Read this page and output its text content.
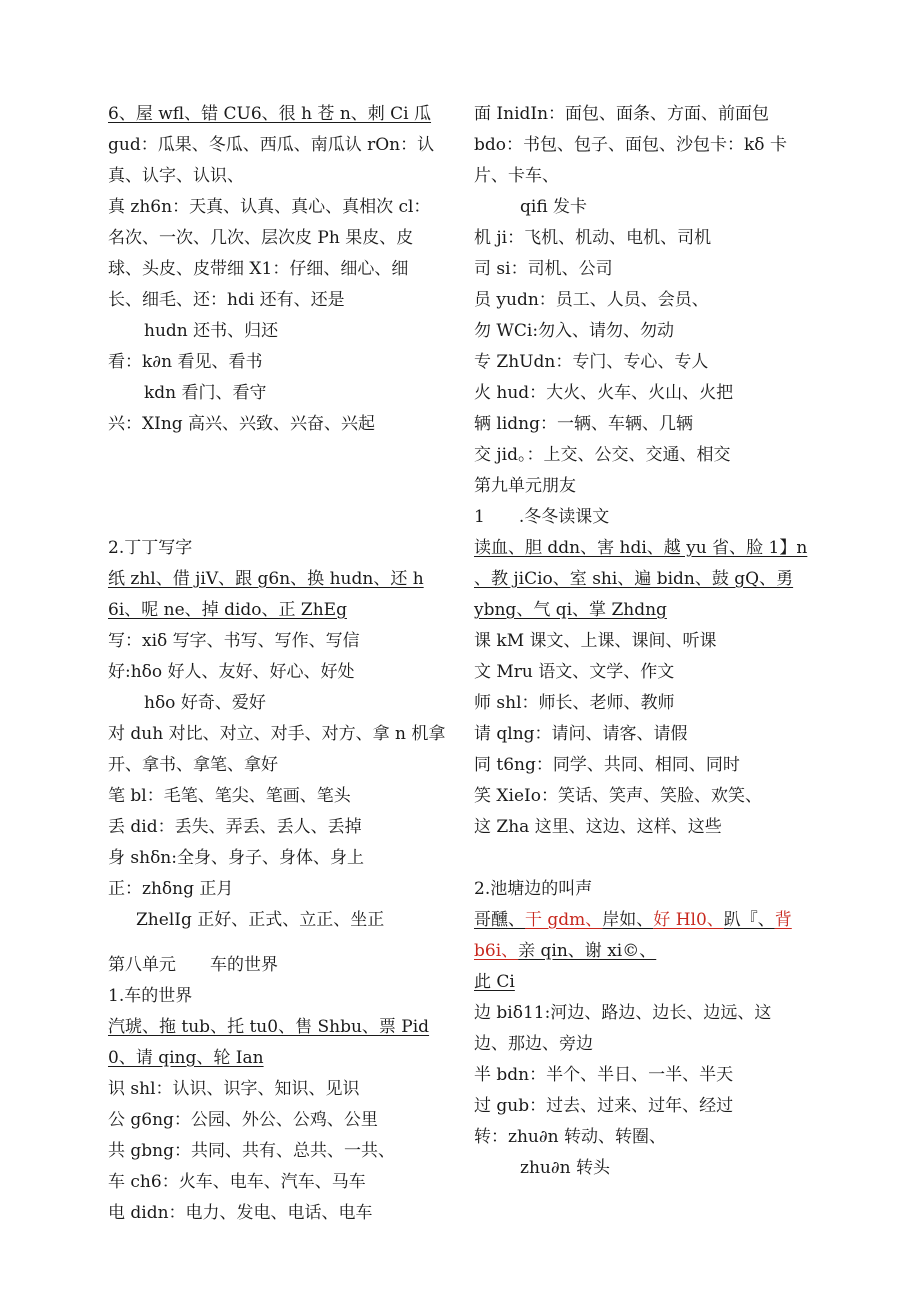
6、屋 wfl、错 CU6、很 h 苍 n、刺 Ci 瓜
gud：瓜果、冬瓜、西瓜、南瓜认 rOn：认
真、认字、认识、
真 zh6n：天真、认真、真心、真相次 cl：
名次、一次、几次、层次皮 Ph 果皮、皮
球、头皮、皮带细 X1：仔细、细心、细
长、细毛、还：hdi 还有、还是
hudn 还书、归还
看：k∂n 看见、看书
kdn 看门、看守
兴：XIng 高兴、兴致、兴奋、兴起
2.丁丁写字
纸 zhl、借 jiV、跟 g6n、换 hudn、还 h
6i、呢 ne、掉 dido、正 ZhEg
写：xiδ 写字、书写、写作、写信
好:hδo 好人、友好、好心、好处
hδo 好奇、爱好
对 duh 对比、对立、对手、对方、拿 n 机拿
开、拿书、拿笔、拿好
笔 bl：毛笔、笔尖、笔画、笔头
丢 did：丢失、弄丢、丢人、丢掉
身 shδn:全身、身子、身体、身上
正：zhδng 正月
ZhelIg 正好、正式、立正、坐正
第八单元　　车的世界
1.车的世界
汽琥、拖 tub、托 tu0、售 Shbu、票 Pid
0、请 qing、轮 Ian
识 shl：认识、识字、知识、见识
公 g6ng：公园、外公、公鸡、公里
共 gbng：共同、共有、总共、一共、
车 ch6：火车、电车、汽车、马车
电 didn：电力、发电、电话、电车
面 InidIn：面包、面条、方面、前面包
bdo：书包、包子、面包、沙包卡：kδ 卡
片、卡车、
qifi 发卡
机 ji：飞机、机动、电机、司机
司 si：司机、公司
员 yudn：员工、人员、会员、
勿 WCi:勿入、请勿、勿动
专 ZhUdn：专门、专心、专人
火 hud：大火、火车、火山、火把
辆 lidng：一辆、车辆、几辆
交 jid。：上交、公交、交通、相交
第九单元朋友
1　　.冬冬读课文
读血、胆 ddn、害 hdi、越 yu 省、脸 1】n
、教 jiCio、室 shi、遍 bidn、鼓 gQ、勇
ybng、气 qi、掌 Zhdng
课 kM 课文、上课、课间、听课
文 Mru 语文、文学、作文
师 shl：师长、老师、教师
请 qlng：请问、请客、请假
同 t6ng：同学、共同、相同、同时
笑 XieIo：笑话、笑声、笑脸、欢笑、
这 Zha 这里、这边、这样、这些
2.池塘边的叫声
哥醺、干 gdm、岸如、好 Hl0、趴『、背
b6i、亲 qin、谢 xi©、
此 Ci
边 biδ11:河边、路边、边长、边远、这
边、那边、旁边
半 bdn：半个、半日、一半、半天
过 gub：过去、过来、过年、经过
转：zhu∂n 转动、转圈、
zhu∂n 转头
